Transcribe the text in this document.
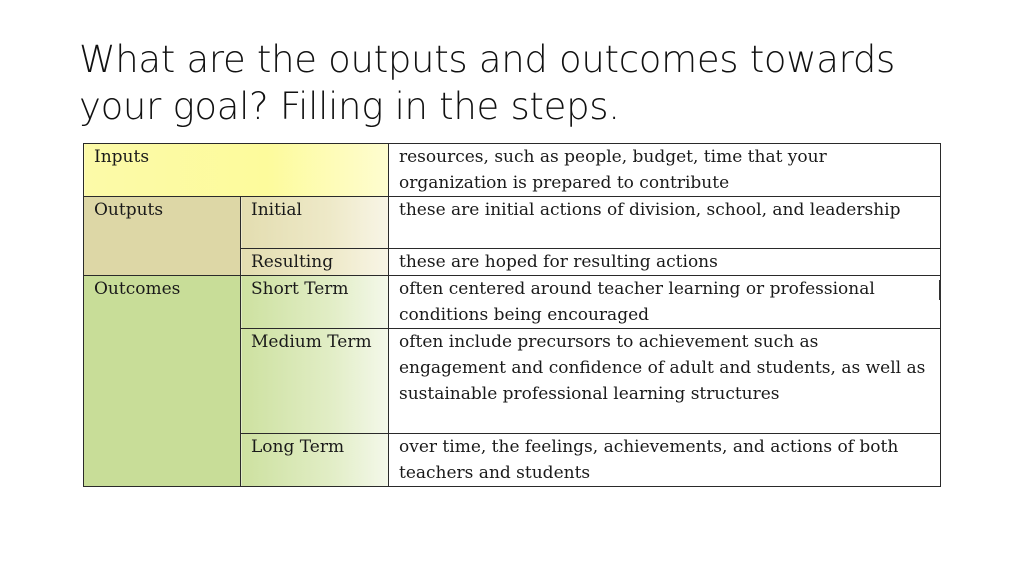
What are the outputs and outcomes towards your goal? Filling in the steps.
Inputs		resources, such as people, budget, time that your organization is prepared to contribute
Outputs	Initial	these are initial actions of division, school, and leadership
	Resulting	these are hoped for resulting actions
Outcomes	Short Term	often centered around teacher learning or professional conditions being encouraged
	Medium Term	often include precursors to achievement such as engagement and confidence of adult and students, as well as sustainable professional learning structures
	Long Term	over time, the feelings, achievements, and actions of both teachers and students
